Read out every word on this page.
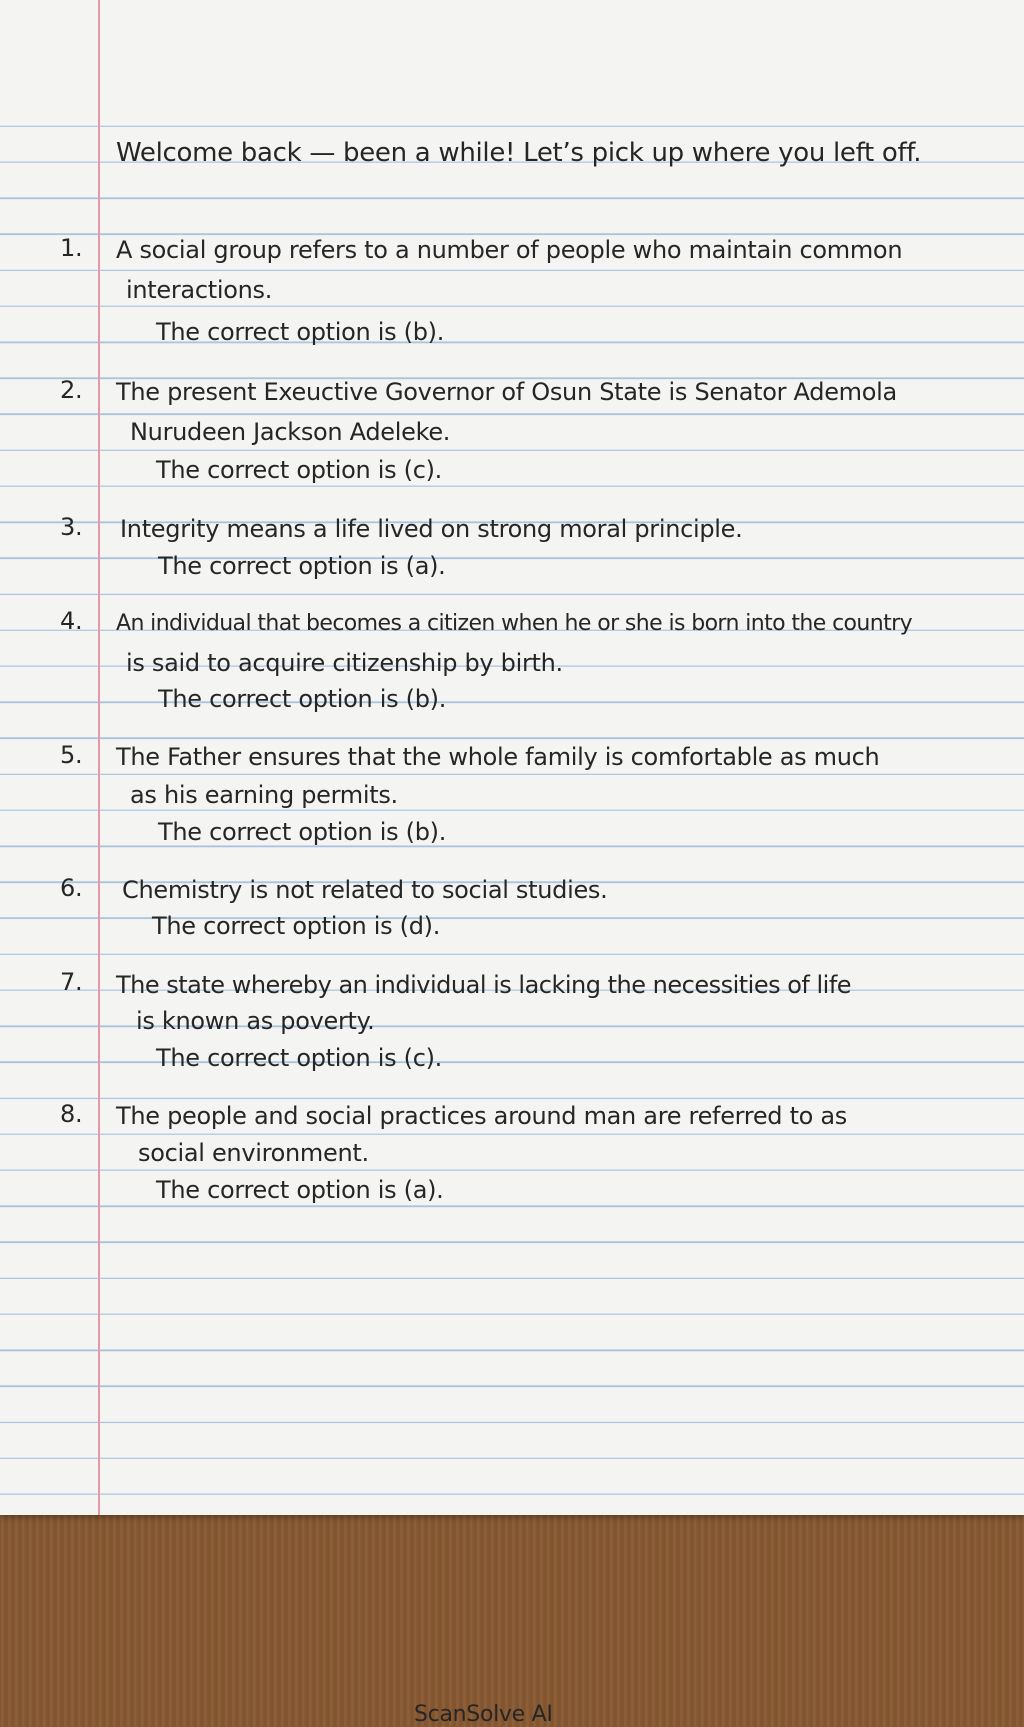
Welcome back — been a while! Let’s pick up where you left off.
1. A social group refers to a number of people who maintain common
interactions.
The correct option is (b).
2. The present Exeuctive Governor of Osun State is Senator Ademola
Nurudeen Jackson Adeleke.
The correct option is (c).
3. Integrity means a life lived on strong moral principle.
The correct option is (a).
4. An individual that becomes a citizen when he or she is born into the country
is said to acquire citizenship by birth.
The correct option is (b).
5. The Father ensures that the whole family is comfortable as much
as his earning permits.
The correct option is (b).
6. Chemistry is not related to social studies.
The correct option is (d).
7. The state whereby an individual is lacking the necessities of life
is known as poverty.
The correct option is (c).
8. The people and social practices around man are referred to as
social environment.
The correct option is (a).
ScanSolve AI
